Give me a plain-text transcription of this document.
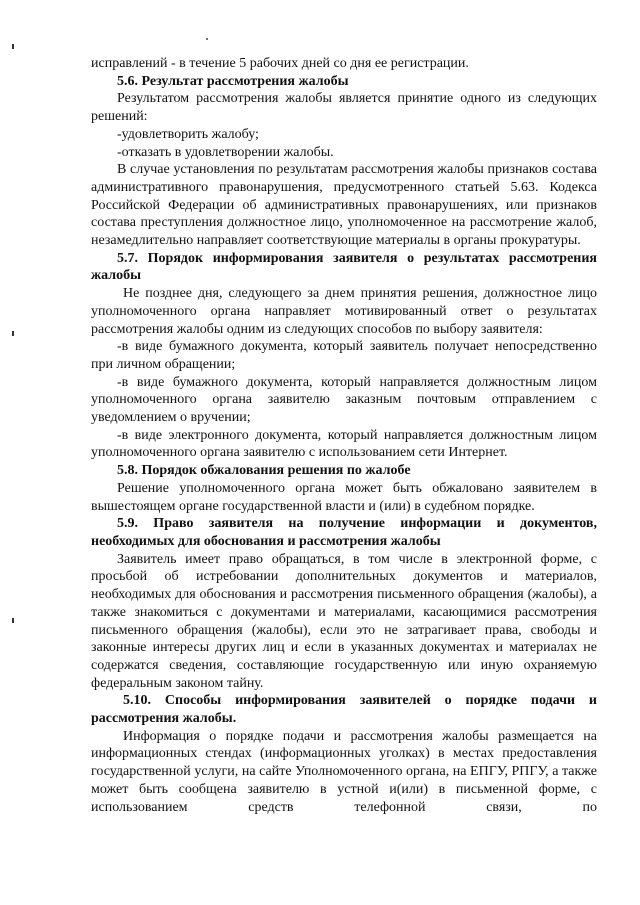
исправлений - в течение 5 рабочих дней со дня ее регистрации.

5.6. Результат рассмотрения жалобы

Результатом рассмотрения жалобы является принятие одного из следующих решений:

-удовлетворить жалобу;

-отказать в удовлетворении жалобы.

В случае установления по результатам рассмотрения жалобы признаков состава административного правонарушения, предусмотренного статьей 5.63. Кодекса Российской Федерации об административных правонарушениях, или признаков состава преступления должностное лицо, уполномоченное на рассмотрение жалоб, незамедлительно направляет соответствующие материалы в органы прокуратуры.

5.7. Порядок информирования заявителя о результатах рассмотрения жалобы

Не позднее дня, следующего за днем принятия решения, должностное лицо уполномоченного органа направляет мотивированный ответ о результатах рассмотрения жалобы одним из следующих способов по выбору заявителя:

-в виде бумажного документа, который заявитель получает непосредственно при личном обращении;

-в виде бумажного документа, который направляется должностным лицом уполномоченного органа заявителю заказным почтовым отправлением с уведомлением о вручении;

-в виде электронного документа, который направляется должностным лицом уполномоченного органа заявителю с использованием сети Интернет.

5.8. Порядок обжалования решения по жалобе

Решение уполномоченного органа может быть обжаловано заявителем в вышестоящем органе государственной власти и (или) в судебном порядке.

5.9. Право заявителя на получение информации и документов, необходимых для обоснования и рассмотрения жалобы

Заявитель имеет право обращаться, в том числе в электронной форме, с просьбой об истребовании дополнительных документов и материалов, необходимых для обоснования и рассмотрения письменного обращения (жалобы), а также знакомиться с документами и материалами, касающимися рассмотрения письменного обращения (жалобы), если это не затрагивает права, свободы и законные интересы других лиц и если в указанных документах и материалах не содержатся сведения, составляющие государственную или иную охраняемую федеральным законом тайну.

5.10. Способы информирования заявителей о порядке подачи и рассмотрения жалобы.

Информация о порядке подачи и рассмотрения жалобы размещается на информационных стендах (информационных уголках) в местах предоставления государственной услуги, на сайте Уполномоченного органа, на ЕПГУ, РПГУ, а также может быть сообщена заявителю в устной и(или) в письменной форме, с использованием средств телефонной связи, по
